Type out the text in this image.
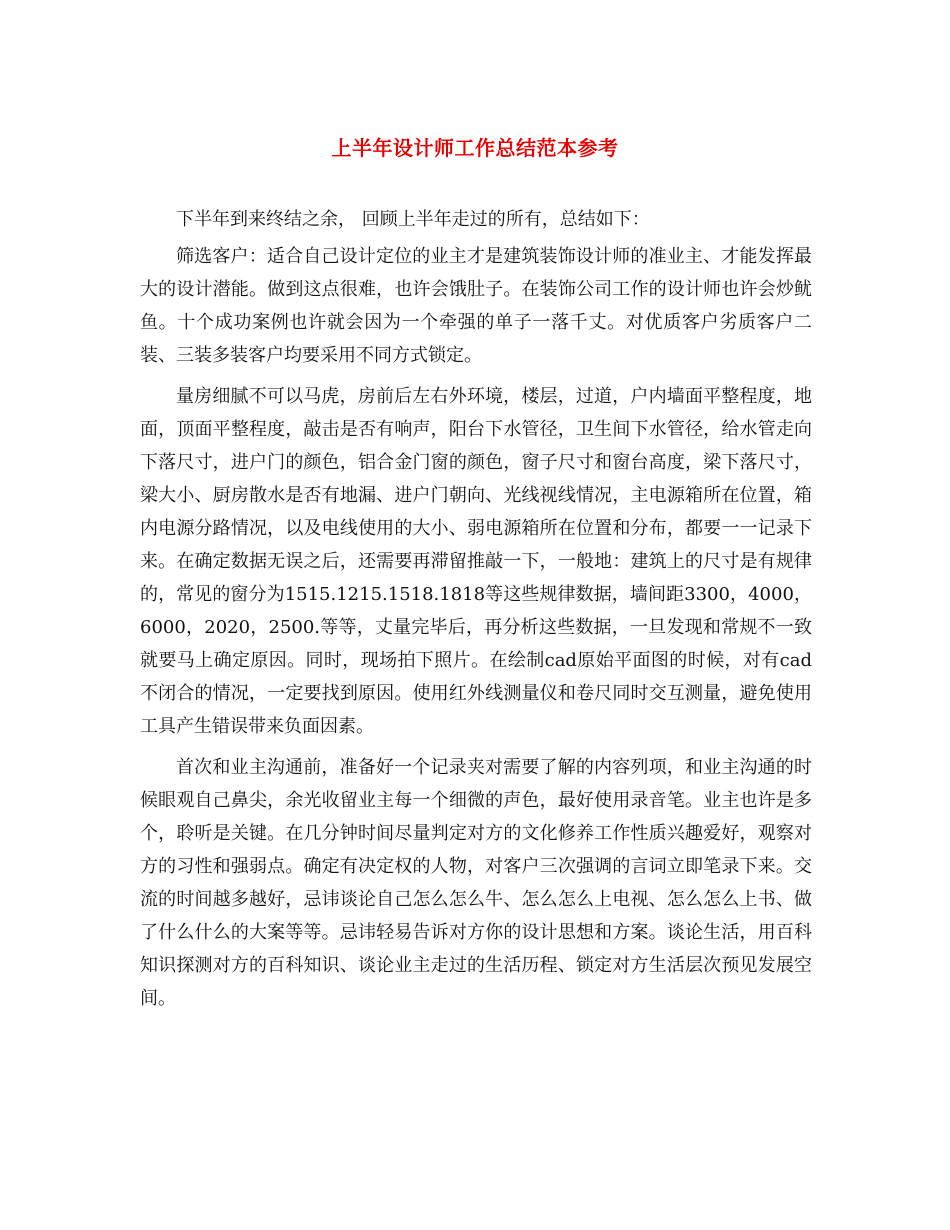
上半年设计师工作总结范本参考

下半年到来终结之余， 回顾上半年走过的所有，总结如下：

筛选客户：适合自己设计定位的业主才是建筑装饰设计师的准业主、才能发挥最大的设计潜能。做到这点很难，也许会饿肚子。在装饰公司工作的设计师也许会炒鱿鱼。十个成功案例也许就会因为一个牵强的单子一落千丈。对优质客户劣质客户二装、三装多装客户均要采用不同方式锁定。

量房细腻不可以马虎，房前后左右外环境，楼层，过道，户内墙面平整程度，地面，顶面平整程度，敲击是否有响声，阳台下水管径，卫生间下水管径，给水管走向下落尺寸，进户门的颜色，铝合金门窗的颜色，窗子尺寸和窗台高度，梁下落尺寸，梁大小、厨房散水是否有地漏、进户门朝向、光线视线情况，主电源箱所在位置，箱内电源分路情况，以及电线使用的大小、弱电源箱所在位置和分布，都要一一记录下来。在确定数据无误之后，还需要再滞留推敲一下，一般地：建筑上的尺寸是有规律的，常见的窗分为1515.1215.1518.1818等这些规律数据，墙间距3300，4000，6000，2020，2500.等等，丈量完毕后，再分析这些数据，一旦发现和常规不一致就要马上确定原因。同时，现场拍下照片。在绘制cad原始平面图的时候，对有cad不闭合的情况，一定要找到原因。使用红外线测量仪和卷尺同时交互测量，避免使用工具产生错误带来负面因素。

首次和业主沟通前，准备好一个记录夹对需要了解的内容列项，和业主沟通的时候眼观自己鼻尖，余光收留业主每一个细微的声色，最好使用录音笔。业主也许是多个，聆听是关键。在几分钟时间尽量判定对方的文化修养工作性质兴趣爱好，观察对方的习性和强弱点。确定有决定权的人物，对客户三次强调的言词立即笔录下来。交流的时间越多越好，忌讳谈论自己怎么怎么牛、怎么怎么上电视、怎么怎么上书、做了什么什么的大案等等。忌讳轻易告诉对方你的设计思想和方案。谈论生活，用百科知识探测对方的百科知识、谈论业主走过的生活历程、锁定对方生活层次预见发展空间。
